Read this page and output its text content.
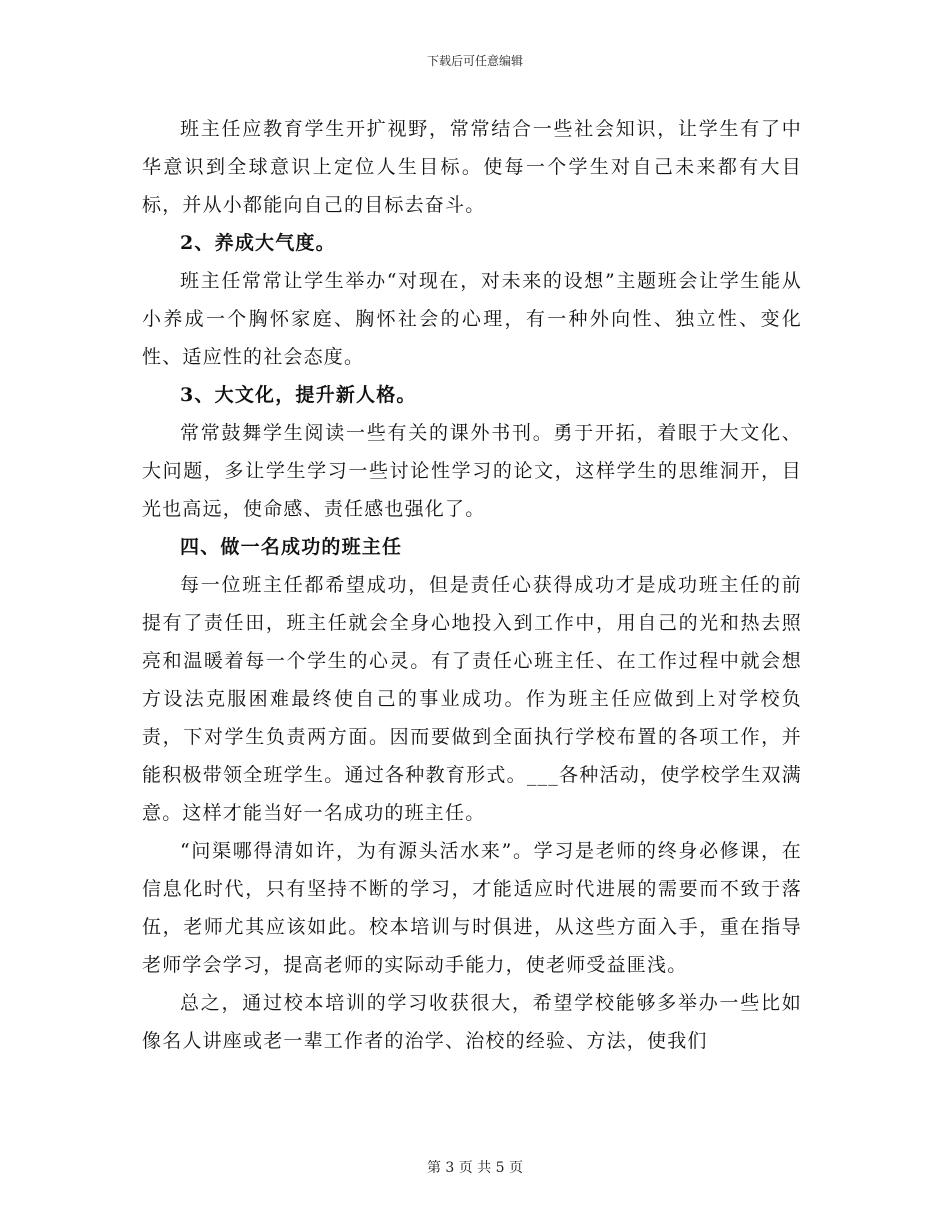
下载后可任意编辑

班主任应教育学生开扩视野，常常结合一些社会知识，让学生有了中华意识到全球意识上定位人生目标。使每一个学生对自己未来都有大目标，并从小都能向自己的目标去奋斗。

2、养成大气度。

班主任常常让学生举办“对现在，对未来的设想”主题班会让学生能从小养成一个胸怀家庭、胸怀社会的心理，有一种外向性、独立性、变化性、适应性的社会态度。

3、大文化，提升新人格。

常常鼓舞学生阅读一些有关的课外书刊。勇于开拓，着眼于大文化、大问题，多让学生学习一些讨论性学习的论文，这样学生的思维洞开，目光也高远，使命感、责任感也强化了。

四、做一名成功的班主任

每一位班主任都希望成功，但是责任心获得成功才是成功班主任的前提有了责任田，班主任就会全身心地投入到工作中，用自己的光和热去照亮和温暖着每一个学生的心灵。有了责任心班主任、在工作过程中就会想方设法克服困难最终使自己的事业成功。作为班主任应做到上对学校负责，下对学生负责两方面。因而要做到全面执行学校布置的各项工作，并能积极带领全班学生。通过各种教育形式。___各种活动，使学校学生双满意。这样才能当好一名成功的班主任。

“问渠哪得清如许，为有源头活水来”。学习是老师的终身必修课，在信息化时代，只有坚持不断的学习，才能适应时代进展的需要而不致于落伍，老师尤其应该如此。校本培训与时俱进，从这些方面入手，重在指导老师学会学习，提高老师的实际动手能力，使老师受益匪浅。

总之，通过校本培训的学习收获很大，希望学校能够多举办一些比如像名人讲座或老一辈工作者的治学、治校的经验、方法，使我们

第 3 页 共 5 页
